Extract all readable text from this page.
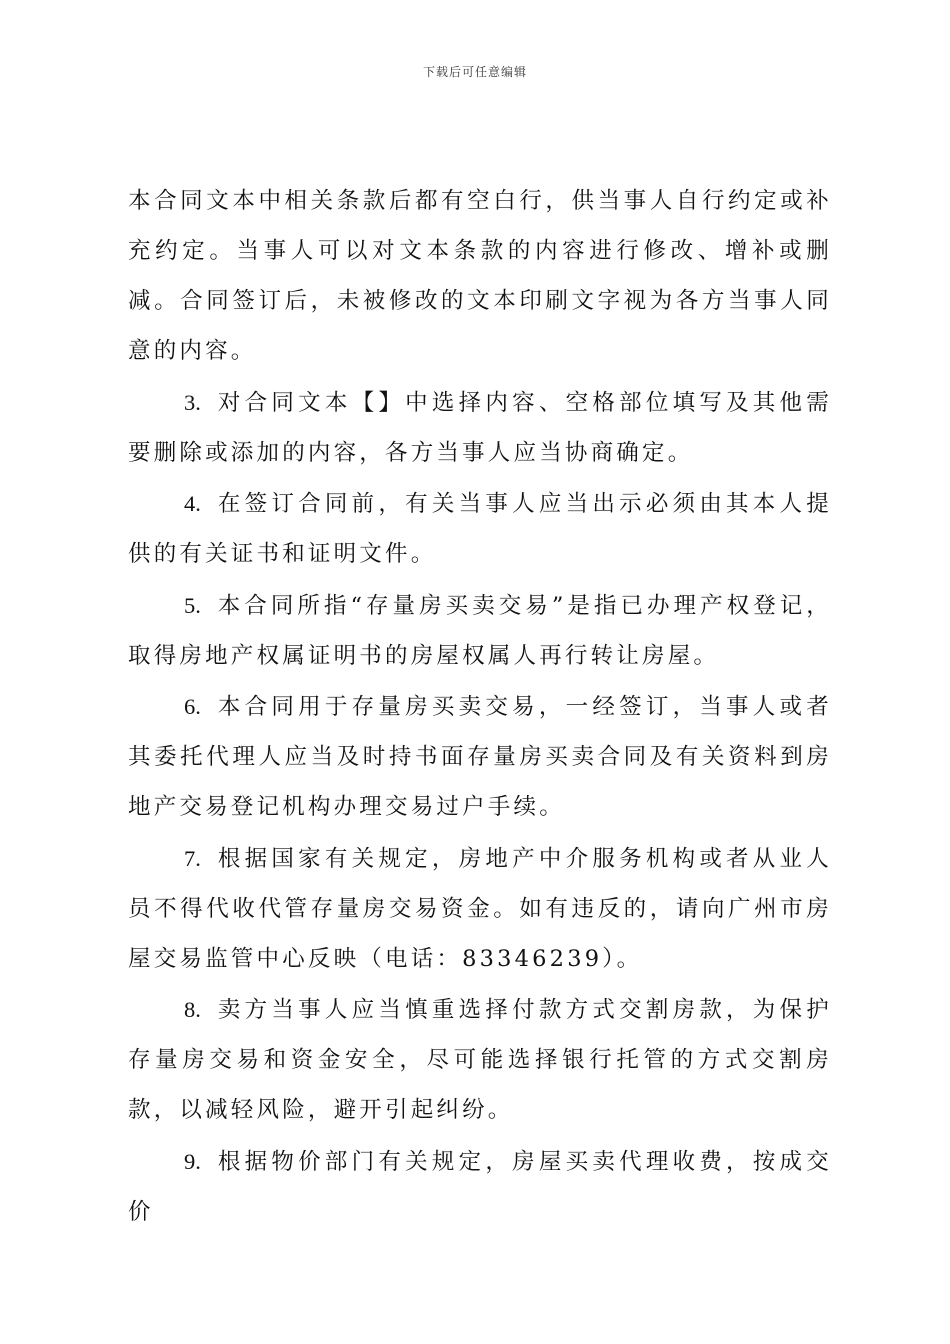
下载后可任意编辑

本合同文本中相关条款后都有空白行，供当事人自行约定或补充约定。当事人可以对文本条款的内容进行修改、增补或删减。合同签订后，未被修改的文本印刷文字视为各方当事人同意的内容。

3. 对合同文本【】中选择内容、空格部位填写及其他需要删除或添加的内容，各方当事人应当协商确定。

4. 在签订合同前，有关当事人应当出示必须由其本人提供的有关证书和证明文件。

5. 本合同所指“存量房买卖交易”是指已办理产权登记，取得房地产权属证明书的房屋权属人再行转让房屋。

6. 本合同用于存量房买卖交易，一经签订，当事人或者其委托代理人应当及时持书面存量房买卖合同及有关资料到房地产交易登记机构办理交易过户手续。

7. 根据国家有关规定，房地产中介服务机构或者从业人员不得代收代管存量房交易资金。如有违反的，请向广州市房屋交易监管中心反映（电话：83346239）。

8. 卖方当事人应当慎重选择付款方式交割房款，为保护存量房交易和资金安全，尽可能选择银行托管的方式交割房款，以减轻风险，避开引起纠纷。

9. 根据物价部门有关规定，房屋买卖代理收费，按成交价
